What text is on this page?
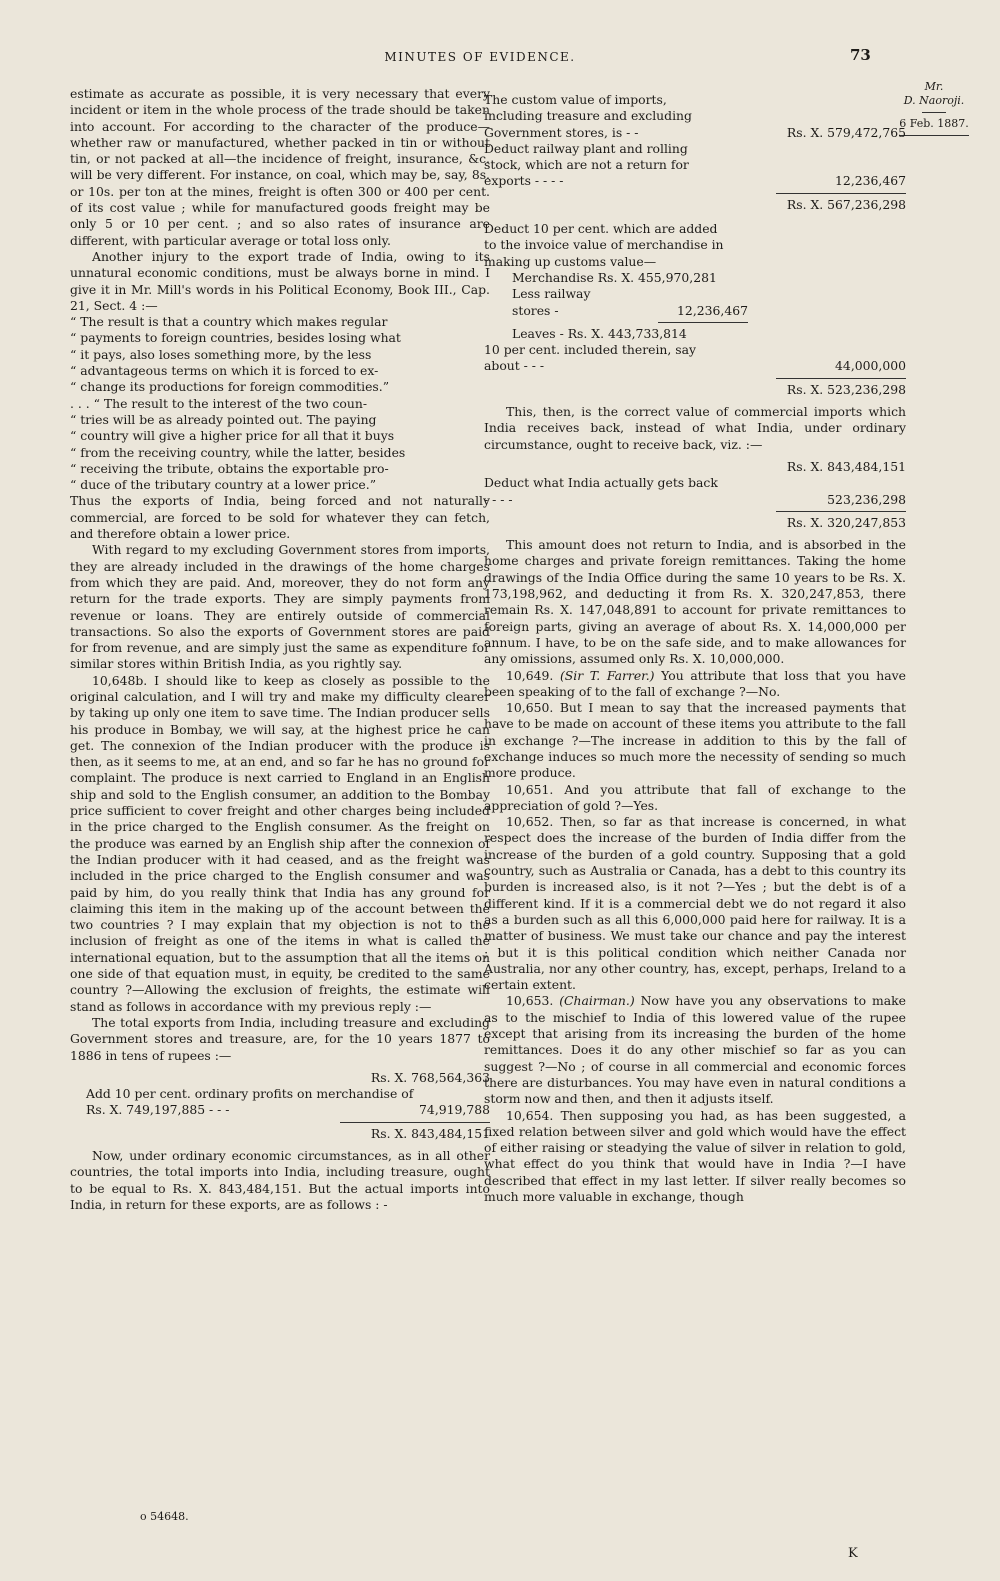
MINUTES OF EVIDENCE.	73
Mr.
D. Naoroji.
6 Feb. 1887.

estimate as accurate as possible, it is very necessary that every incident or item in the whole process of the trade should be taken into account. For according to the character of the produce—whether raw or manufactured, whether packed in tin or without tin, or not packed at all—the incidence of freight, insurance, &c. will be very different. For instance, on coal, which may be, say, 8s. or 10s. per ton at the mines, freight is often 300 or 400 per cent. of its cost value ; while for manufactured goods freight may be only 5 or 10 per cent. ; and so also rates of insurance are different, with particular average or total loss only.

Another injury to the export trade of India, owing to its unnatural economic conditions, must be always borne in mind. I give it in Mr. Mill's words in his Political Economy, Book III., Cap. 21, Sect. 4 :—

“ The result is that a country which makes regular
“ payments to foreign countries, besides losing what
“ it pays, also loses something more, by the less
“ advantageous terms on which it is forced to ex-
“ change its productions for foreign commodities.”
. . . “ The result to the interest of the two coun-
“ tries will be as already pointed out. The paying
“ country will give a higher price for all that it buys
“ from the receiving country, while the latter, besides
“ receiving the tribute, obtains the exportable pro-
“ duce of the tributary country at a lower price.”

Thus the exports of India, being forced and not naturally commercial, are forced to be sold for whatever they can fetch, and therefore obtain a lower price.

With regard to my excluding Government stores from imports, they are already included in the drawings of the home charges from which they are paid. And, moreover, they do not form any return for the trade exports. They are simply payments from revenue or loans. They are entirely outside of commercial transactions. So also the exports of Government stores are paid for from revenue, and are simply just the same as expenditure for similar stores within British India, as you rightly say.

10,648b. I should like to keep as closely as possible to the original calculation, and I will try and make my difficulty clearer by taking up only one item to save time. The Indian producer sells his produce in Bombay, we will say, at the highest price he can get. The connexion of the Indian producer with the produce is then, as it seems to me, at an end, and so far he has no ground for complaint. The produce is next carried to England in an English ship and sold to the English consumer, an addition to the Bombay price sufficient to cover freight and other charges being included in the price charged to the English consumer. As the freight on the produce was earned by an English ship after the connexion of the Indian producer with it had ceased, and as the freight was included in the price charged to the English consumer and was paid by him, do you really think that India has any ground for claiming this item in the making up of the account between the two countries ? I may explain that my objection is not to the inclusion of freight as one of the items in what is called the international equation, but to the assumption that all the items on one side of that equation must, in equity, be credited to the same country ?—Allowing the exclusion of freights, the estimate will stand as follows in accordance with my previous reply :—

The total exports from India, including treasure and excluding Government stores and treasure, are, for the 10 years 1877 to 1886 in tens of rupees :—

Rs. X. 768,564,363
Add 10 per cent. ordinary profits on merchandise of Rs. X. 749,197,885 - - -	74,919,788
Rs. X. 843,484,151

Now, under ordinary economic circumstances, as in all other countries, the total imports into India, including treasure, ought to be equal to Rs. X. 843,484,151. But the actual imports into India, in return for these exports, are as follows : -

The custom value of imports, including treasure and excluding Government stores, is - -	Rs. X. 579,472,765
Deduct railway plant and rolling stock, which are not a return for exports - - - -	12,236,467
Rs. X. 567,236,298
Deduct 10 per cent. which are added to the invoice value of merchandise in making up customs value—
Merchandise Rs. X. 455,970,281
Less railway stores -	12,236,467
Leaves - Rs. X. 443,733,814
10 per cent. included therein, say about - - -	44,000,000
Rs. X. 523,236,298

This, then, is the correct value of commercial imports which India receives back, instead of what India, under ordinary circumstance, ought to receive back, viz. :—

Rs. X. 843,484,151
Deduct what India actually gets back - - - -	523,236,298
Rs. X. 320,247,853

This amount does not return to India, and is absorbed in the home charges and private foreign remittances. Taking the home drawings of the India Office during the same 10 years to be Rs. X. 173,198,962, and deducting it from Rs. X. 320,247,853, there remain Rs. X. 147,048,891 to account for private remittances to foreign parts, giving an average of about Rs. X. 14,000,000 per annum. I have, to be on the safe side, and to make allowances for any omissions, assumed only Rs. X. 10,000,000.

10,649. (Sir T. Farrer.) You attribute that loss that you have been speaking of to the fall of exchange ?—No.

10,650. But I mean to say that the increased payments that have to be made on account of these items you attribute to the fall in exchange ?—The increase in addition to this by the fall of exchange induces so much more the necessity of sending so much more produce.

10,651. And you attribute that fall of exchange to the appreciation of gold ?—Yes.

10,652. Then, so far as that increase is concerned, in what respect does the increase of the burden of India differ from the increase of the burden of a gold country. Supposing that a gold country, such as Australia or Canada, has a debt to this country its burden is increased also, is it not ?—Yes ; but the debt is of a different kind. If it is a commercial debt we do not regard it also as a burden such as all this 6,000,000 paid here for railway. It is a matter of business. We must take our chance and pay the interest ; but it is this political condition which neither Canada nor Australia, nor any other country, has, except, perhaps, Ireland to a certain extent.

10,653. (Chairman.) Now have you any observations to make as to the mischief to India of this lowered value of the rupee except that arising from its increasing the burden of the home remittances. Does it do any other mischief so far as you can suggest ?—No ; of course in all commercial and economic forces there are disturbances. You may have even in natural conditions a storm now and then, and then it adjusts itself.

10,654. Then supposing you had, as has been suggested, a fixed relation between silver and gold which would have the effect of either raising or steadying the value of silver in relation to gold, what effect do you think that would have in India ?—I have described that effect in my last letter. If silver really becomes so much more valuable in exchange, though

o 54648.
K
